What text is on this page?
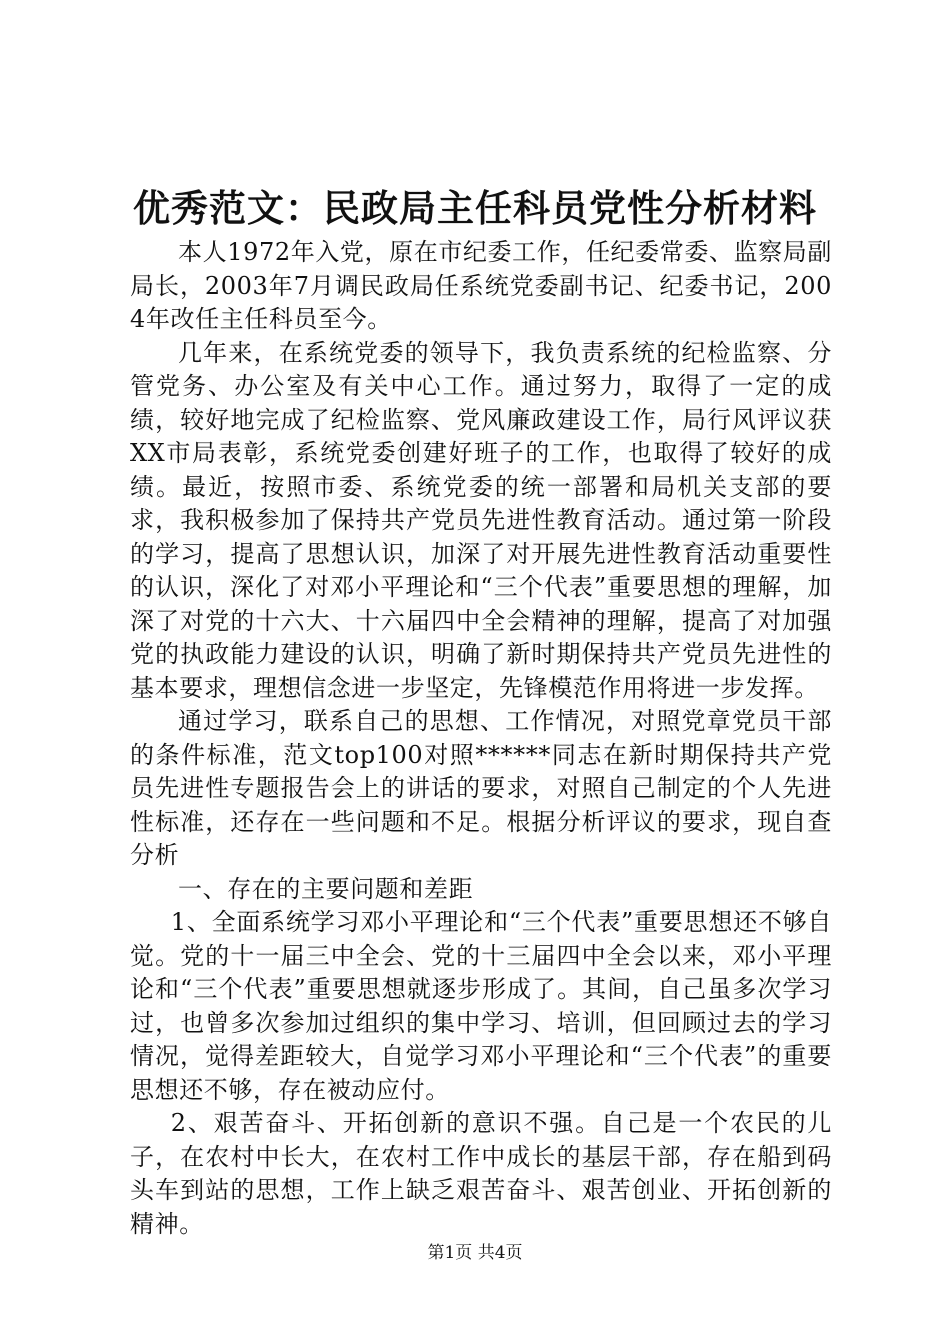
优秀范文：民政局主任科员党性分析材料

本人1972年入党，原在市纪委工作，任纪委常委、监察局副局长，2003年7月调民政局任系统党委副书记、纪委书记，2004年改任主任科员至今。

几年来，在系统党委的领导下，我负责系统的纪检监察、分管党务、办公室及有关中心工作。通过努力，取得了一定的成绩，较好地完成了纪检监察、党风廉政建设工作，局行风评议获XX市局表彰，系统党委创建好班子的工作，也取得了较好的成绩。最近，按照市委、系统党委的统一部署和局机关支部的要求，我积极参加了保持共产党员先进性教育活动。通过第一阶段的学习，提高了思想认识，加深了对开展先进性教育活动重要性的认识，深化了对邓小平理论和“三个代表”重要思想的理解，加深了对党的十六大、十六届四中全会精神的理解，提高了对加强党的执政能力建设的认识，明确了新时期保持共产党员先进性的基本要求，理想信念进一步坚定，先锋模范作用将进一步发挥。

通过学习，联系自己的思想、工作情况，对照党章党员干部的条件标准，范文top100对照******同志在新时期保持共产党员先进性专题报告会上的讲话的要求，对照自己制定的个人先进性标准，还存在一些问题和不足。根据分析评议的要求，现自查分析

一、存在的主要问题和差距

1、全面系统学习邓小平理论和“三个代表”重要思想还不够自觉。党的十一届三中全会、党的十三届四中全会以来，邓小平理论和“三个代表”重要思想就逐步形成了。其间，自己虽多次学习过，也曾多次参加过组织的集中学习、培训，但回顾过去的学习情况，觉得差距较大，自觉学习邓小平理论和“三个代表”的重要思想还不够，存在被动应付。

2、艰苦奋斗、开拓创新的意识不强。自己是一个农民的儿子，在农村中长大，在农村工作中成长的基层干部，存在船到码头车到站的思想，工作上缺乏艰苦奋斗、艰苦创业、开拓创新的精神。

第1页 共4页
